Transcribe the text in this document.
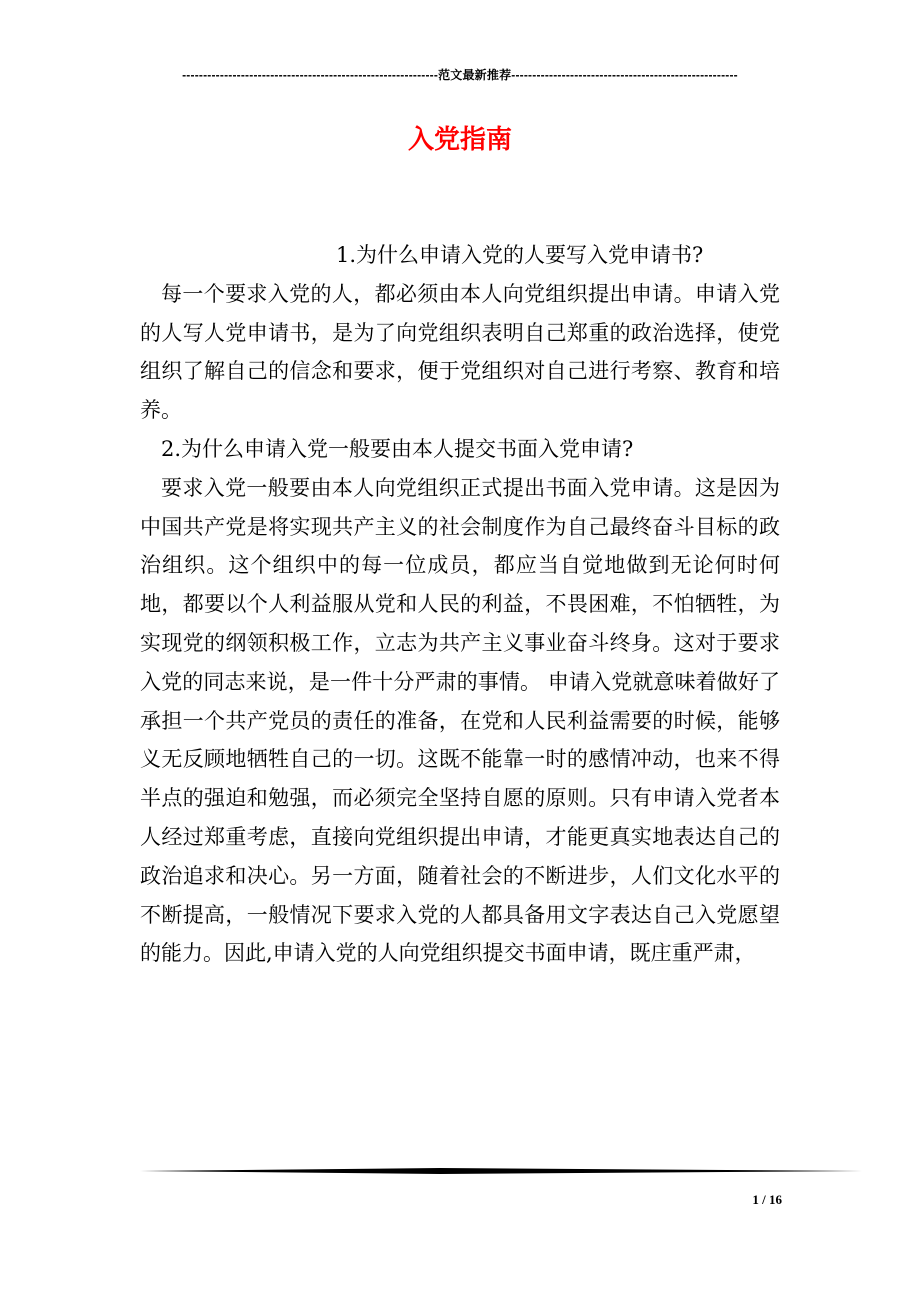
-------------------------------------------------------------范文最新推荐------------------------------------------------------
入党指南

1.为什么申请入党的人要写入党申请书?

每一个要求入党的人，都必须由本人向党组织提出申请。申请入党的人写人党申请书，是为了向党组织表明自己郑重的政治选择，使党组织了解自己的信念和要求，便于党组织对自己进行考察、教育和培养。

2.为什么申请入党一般要由本人提交书面入党申请?

要求入党一般要由本人向党组织正式提出书面入党申请。这是因为中国共产党是将实现共产主义的社会制度作为自己最终奋斗目标的政治组织。这个组织中的每一位成员，都应当自觉地做到无论何时何地，都要以个人利益服从党和人民的利益，不畏困难，不怕牺牲，为实现党的纲领积极工作，立志为共产主义事业奋斗终身。这对于要求入党的同志来说，是一件十分严肃的事情。 申请入党就意味着做好了承担一个共产党员的责任的准备，在党和人民利益需要的时候，能够义无反顾地牺牲自己的一切。这既不能靠一时的感情冲动，也来不得半点的强迫和勉强，而必须完全坚持自愿的原则。只有申请入党者本人经过郑重考虑，直接向党组织提出申请，才能更真实地表达自己的政治追求和决心。另一方面，随着社会的不断进步，人们文化水平的不断提高，一般情况下要求入党的人都具备用文字表达自己入党愿望的能力。因此,申请入党的人向党组织提交书面申请，既庄重严肃，

1 / 16
